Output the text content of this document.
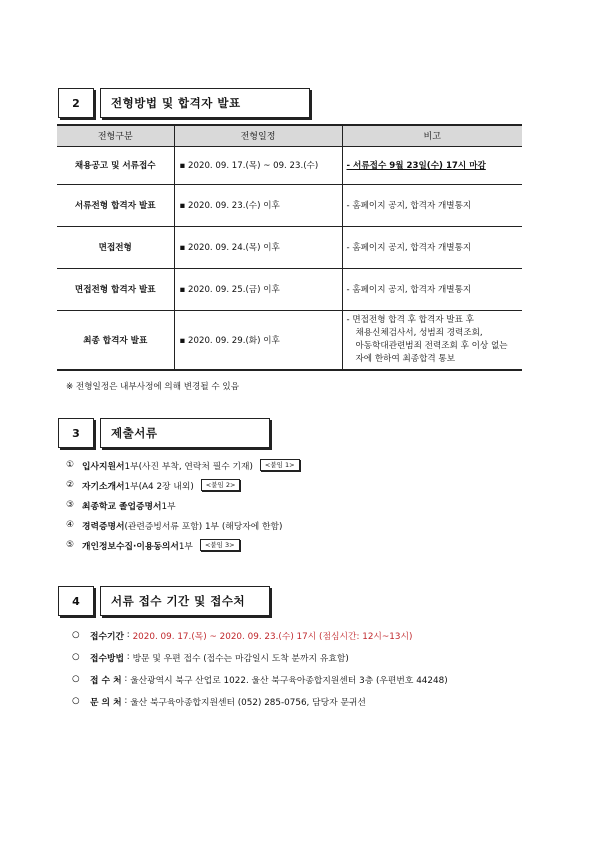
2	전형방법 및 합격자 발표
전형구분	전형일정	비고
채용공고 및 서류접수	▪ 2020. 09. 17.(목) ~ 09. 23.(수)	- 서류접수 9월 23일(수) 17시 마감
서류전형 합격자 발표	▪ 2020. 09. 23.(수) 이후	- 홈페이지 공지, 합격자 개별통지
면접전형	▪ 2020. 09. 24.(목) 이후	- 홈페이지 공지, 합격자 개별통지
면접전형 합격자 발표	▪ 2020. 09. 25.(금) 이후	- 홈페이지 공지, 합격자 개별통지
최종 합격자 발표	▪ 2020. 09. 29.(화) 이후	- 면접전형 합격 후 합격자 발표 후
채용신체검사서, 성범죄 경력조회,
아동학대관련범죄 전력조회 후 이상 없는
자에 한하여 최종합격 통보
※ 전형일정은 내부사정에 의해 변경될 수 있음
3	제출서류
① 입사지원서 1부(사진 부착, 연락처 필수 기재)	<붙임 1>
② 자기소개서 1부(A4 2장 내외)	<붙임 2>
③ 최종학교 졸업증명서 1부
④ 경력증명서 (관련증빙서류 포함) 1부 (해당자에 한함)
⑤ 개인정보수집·이용동의서 1부	<붙임 3>
4	서류 접수 기간 및 접수처
○	접수기간 : 2020. 09. 17.(목) ~ 2020. 09. 23.(수) 17시 (점심시간: 12시~13시)
○	접수방법 : 방문 및 우편 접수 (접수는 마감일시 도착 분까지 유효함)
○	접 수 처 : 울산광역시 북구 산업로 1022. 울산 북구육아종합지원센터 3층 (우편번호 44248)
○	문 의 처 : 울산 북구육아종합지원센터 (052) 285-0756, 담당자 문귀선
